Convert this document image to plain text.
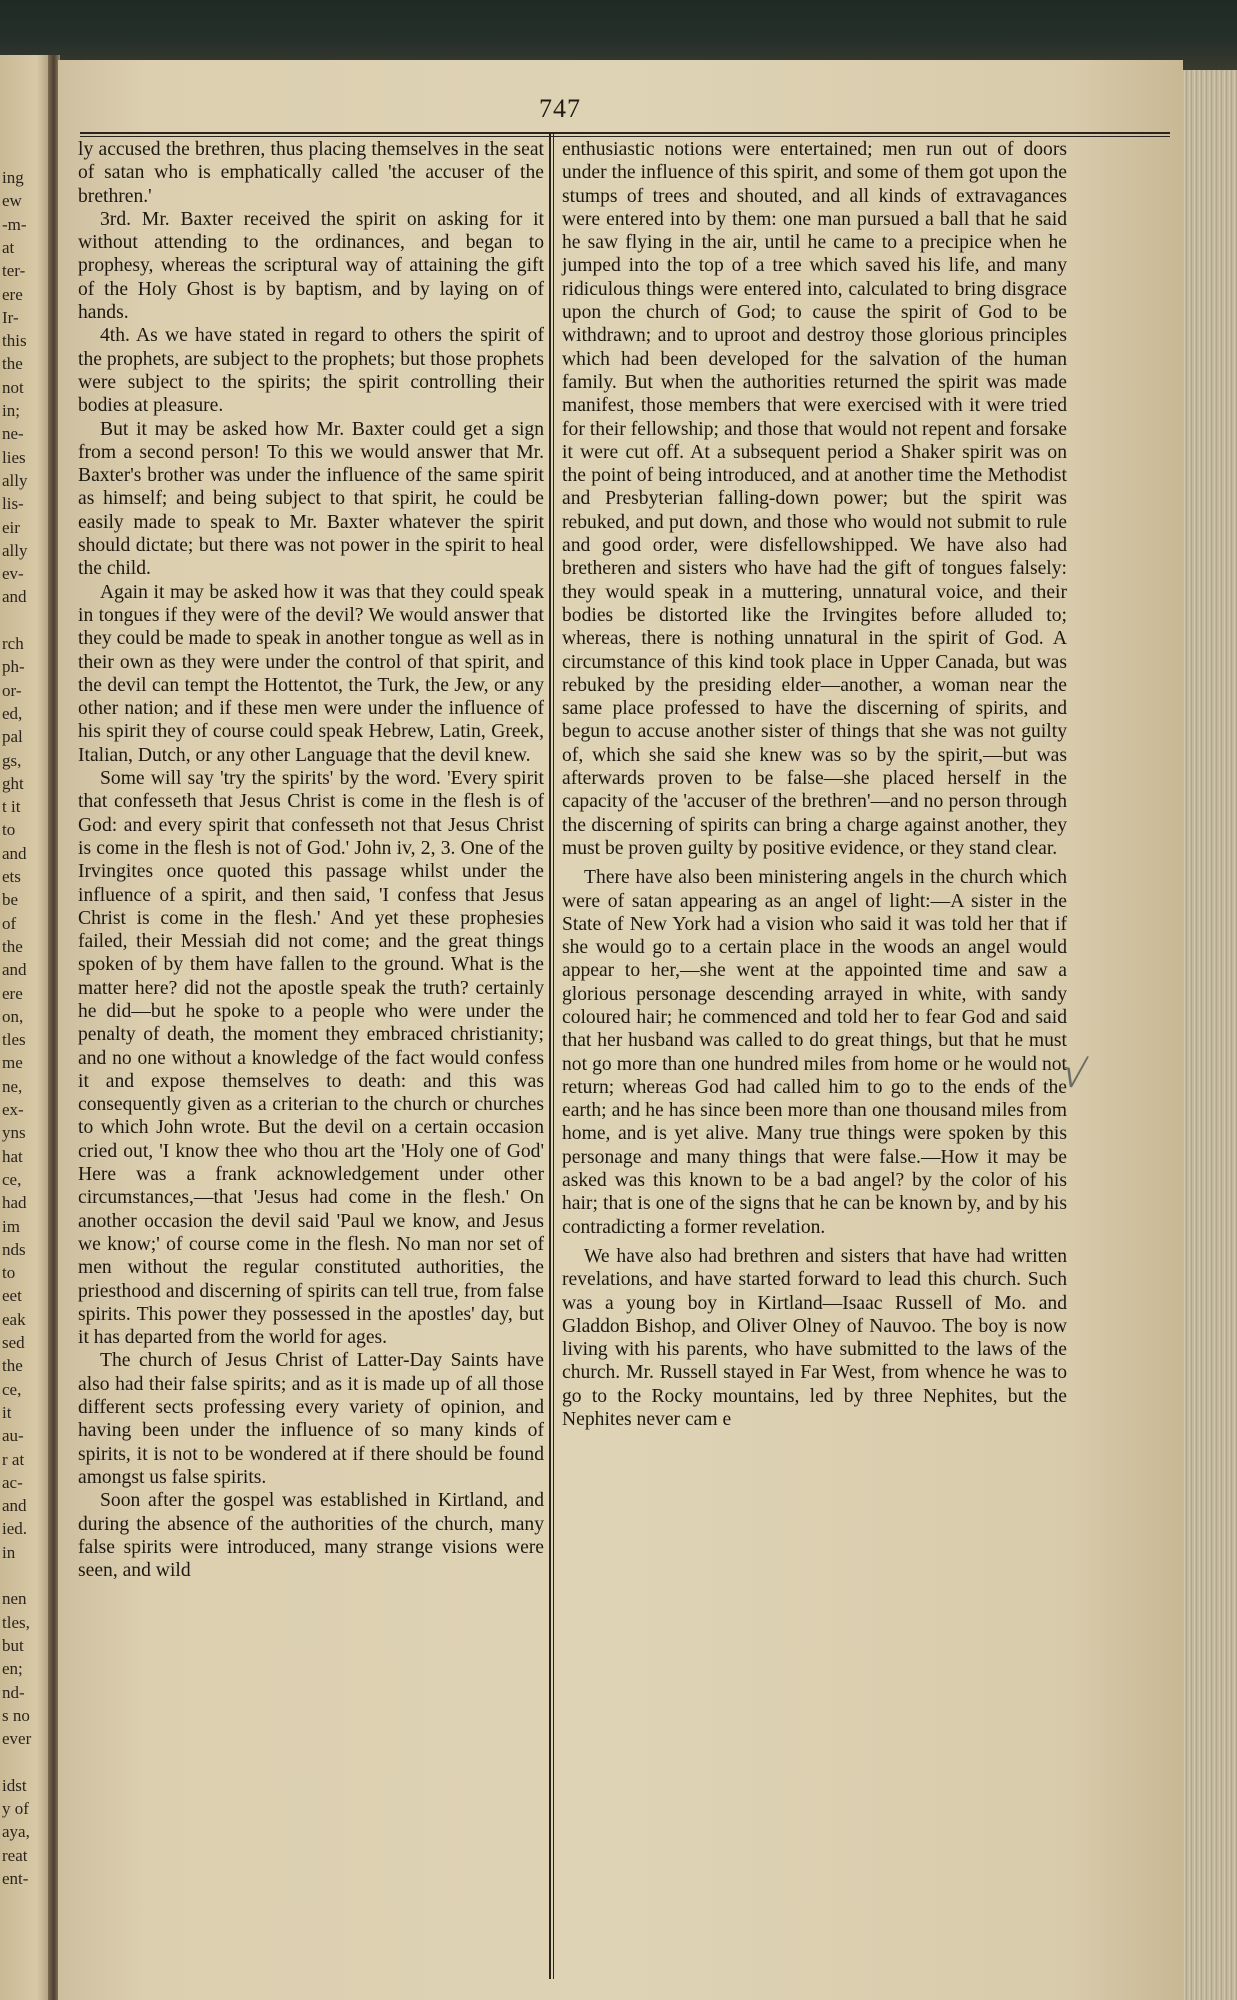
ing
ew
-m-
at
ter-
ere
Ir-
this
the
not
in;
ne-
lies
ally
lis-
eir
ally
ev-
and
rch
ph-
or-
ed,
pal
gs,
ght
t it
to
and
ets
be
of
the
and
ere
on,
tles
me
ne,
ex-
yns
hat
ce,
had
im
nds
to
eet
eak
sed
the
ce,
it
au-
r at
ac-
and
ied.
in
nen
tles,
but
en;
nd-
s no
ever
idst
y of
aya,
reat
ent-
747

ly accused the brethren, thus placing themselves in the seat of satan who is emphatically called 'the accuser of the brethren.'

3rd. Mr. Baxter received the spirit on asking for it without attending to the ordinances, and began to prophesy, whereas the scriptural way of attaining the gift of the Holy Ghost is by baptism, and by laying on of hands.

4th. As we have stated in regard to others the spirit of the prophets, are subject to the prophets; but those prophets were subject to the spirits; the spirit controlling their bodies at pleasure.

But it may be asked how Mr. Baxter could get a sign from a second person! To this we would answer that Mr. Baxter's brother was under the influence of the same spirit as himself; and being subject to that spirit, he could be easily made to speak to Mr. Baxter whatever the spirit should dictate; but there was not power in the spirit to heal the child.

Again it may be asked how it was that they could speak in tongues if they were of the devil? We would answer that they could be made to speak in another tongue as well as in their own as they were under the control of that spirit, and the devil can tempt the Hottentot, the Turk, the Jew, or any other nation; and if these men were under the influence of his spirit they of course could speak Hebrew, Latin, Greek, Italian, Dutch, or any other Language that the devil knew.

Some will say 'try the spirits' by the word. 'Every spirit that confesseth that Jesus Christ is come in the flesh is of God: and every spirit that confesseth not that Jesus Christ is come in the flesh is not of God.' John iv, 2, 3. One of the Irvingites once quoted this passage whilst under the influence of a spirit, and then said, 'I confess that Jesus Christ is come in the flesh.' And yet these prophesies failed, their Messiah did not come; and the great things spoken of by them have fallen to the ground. What is the matter here? did not the apostle speak the truth? certainly he did—but he spoke to a people who were under the penalty of death, the moment they embraced christianity; and no one without a knowledge of the fact would confess it and expose themselves to death: and this was consequently given as a criterian to the church or churches to which John wrote. But the devil on a certain occasion cried out, 'I know thee who thou art the 'Holy one of God' Here was a frank acknowledgement under other circumstances,—that 'Jesus had come in the flesh.' On another occasion the devil said 'Paul we know, and Jesus we know;' of course come in the flesh. No man nor set of men without the regular constituted authorities, the priesthood and discerning of spirits can tell true, from false spirits. This power they possessed in the apostles' day, but it has departed from the world for ages.

The church of Jesus Christ of Latter-Day Saints have also had their false spirits; and as it is made up of all those different sects professing every variety of opinion, and having been under the influence of so many kinds of spirits, it is not to be wondered at if there should be found amongst us false spirits.

Soon after the gospel was established in Kirtland, and during the absence of the authorities of the church, many false spirits were introduced, many strange visions were seen, and wild

enthusiastic notions were entertained; men run out of doors under the influence of this spirit, and some of them got upon the stumps of trees and shouted, and all kinds of extravagances were entered into by them: one man pursued a ball that he said he saw flying in the air, until he came to a precipice when he jumped into the top of a tree which saved his life, and many ridiculous things were entered into, calculated to bring disgrace upon the church of God; to cause the spirit of God to be withdrawn; and to uproot and destroy those glorious principles which had been developed for the salvation of the human family. But when the authorities returned the spirit was made manifest, those members that were exercised with it were tried for their fellowship; and those that would not repent and forsake it were cut off. At a subsequent period a Shaker spirit was on the point of being introduced, and at another time the Methodist and Presbyterian falling-down power; but the spirit was rebuked, and put down, and those who would not submit to rule and good order, were disfellowshipped. We have also had bretheren and sisters who have had the gift of tongues falsely: they would speak in a muttering, unnatural voice, and their bodies be distorted like the Irvingites before alluded to; whereas, there is nothing unnatural in the spirit of God. A circumstance of this kind took place in Upper Canada, but was rebuked by the presiding elder—another, a woman near the same place professed to have the discerning of spirits, and begun to accuse another sister of things that she was not guilty of, which she said she knew was so by the spirit,—but was afterwards proven to be false—she placed herself in the capacity of the 'accuser of the brethren'—and no person through the discerning of spirits can bring a charge against another, they must be proven guilty by positive evidence, or they stand clear.

There have also been ministering angels in the church which were of satan appearing as an angel of light:—A sister in the State of New York had a vision who said it was told her that if she would go to a certain place in the woods an angel would appear to her,—she went at the appointed time and saw a glorious personage descending arrayed in white, with sandy coloured hair; he commenced and told her to fear God and said that her husband was called to do great things, but that he must not go more than one hundred miles from home or he would not return; whereas God had called him to go to the ends of the earth; and he has since been more than one thousand miles from home, and is yet alive. Many true things were spoken by this personage and many things that were false.—How it may be asked was this known to be a bad angel? by the color of his hair; that is one of the signs that he can be known by, and by his contradicting a former revelation.

We have also had brethren and sisters that have had written revelations, and have started forward to lead this church. Such was a young boy in Kirtland—Isaac Russell of Mo. and Gladdon Bishop, and Oliver Olney of Nauvoo. The boy is now living with his parents, who have submitted to the laws of the church. Mr. Russell stayed in Far West, from whence he was to go to the Rocky mountains, led by three Nephites, but the Nephites never cam e

√
